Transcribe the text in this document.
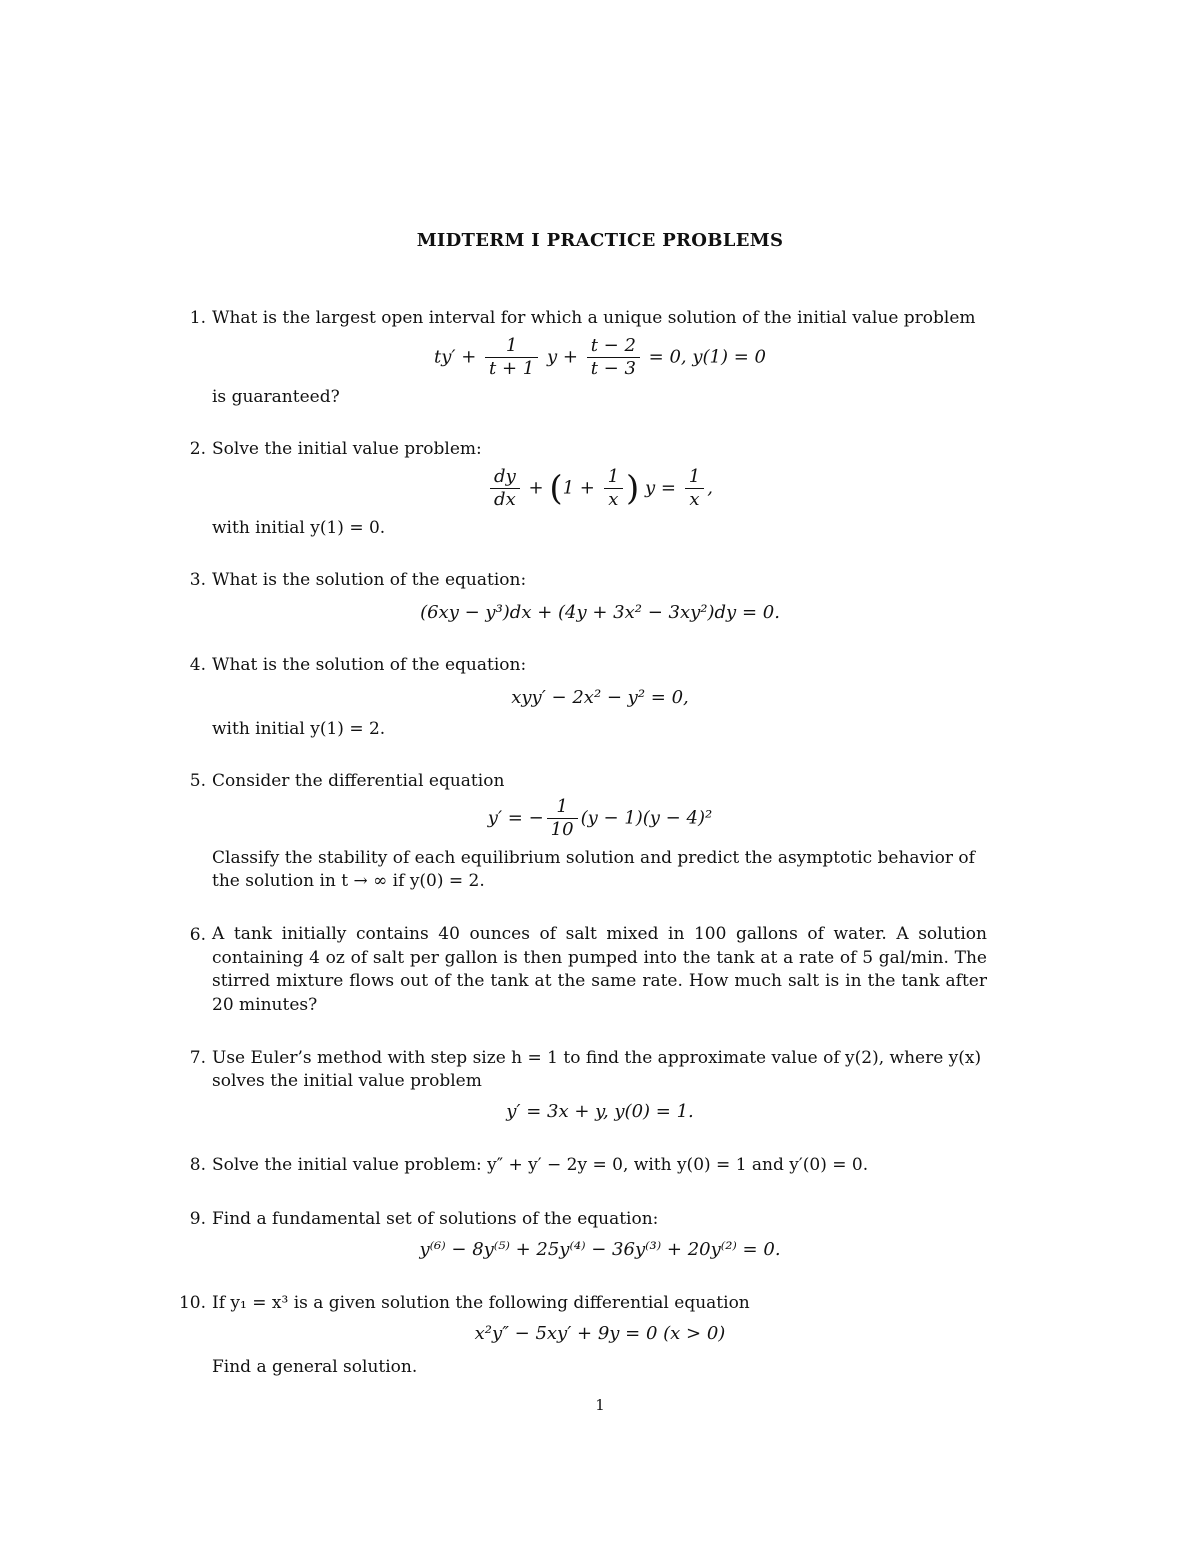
MIDTERM I PRACTICE PROBLEMS
1. What is the largest open interval for which a unique solution of the initial value problem
$ty' + \frac{1}{t + 1}$ $y + \frac{t - 2}{t - 3} = 0$, y(1) = 0
is guaranteed?
2. Solve the initial value problem:
$\frac{dy}{dx} + (1 + \frac{1}{x}$ ) $y = \frac{1}{x}$ ,
with initial y(1) = 0.
3. What is the solution of the equation:
(6xy − y³)dx + (4y + 3x² − 3xy²)dy = 0.
4. What is the solution of the equation:
xyy′ − 2x² − y² = 0,
with initial y(1) = 2.
5. Consider the differential equation
y′ = − $\frac{1}{10} (y - 1)(y - 4)^2$
Classify the stability of each equilibrium solution and predict the asymptotic behavior of
the solution in t → ∞ if y(0) = 2.
6. A tank initially contains 40 ounces of salt mixed in 100 gallons of water. A solution containing 4 oz of salt per gallon is then pumped into the tank at a rate of 5 gal/min. The stirred mixture flows out of the tank at the same rate. How much salt is in the tank after 20 minutes?
7. Use Euler’s method with step size h = 1 to find the approximate value of y(2), where y(x)
solves the initial value problem
y′ = 3x + y, y(0) = 1.
8. Solve the initial value problem: y″ + y′ − 2y = 0, with y(0) = 1 and y′(0) = 0.
9. Find a fundamental set of solutions of the equation:
y⁽⁶⁾ − 8y⁽⁵⁾ + 25y⁽⁴⁾ − 36y⁽³⁾ + 20y⁽²⁾ = 0.
10. If y₁ = x³ is a given solution the following differential equation
x²y″ − 5xy′ + 9y = 0 (x > 0)
Find a general solution.
1
